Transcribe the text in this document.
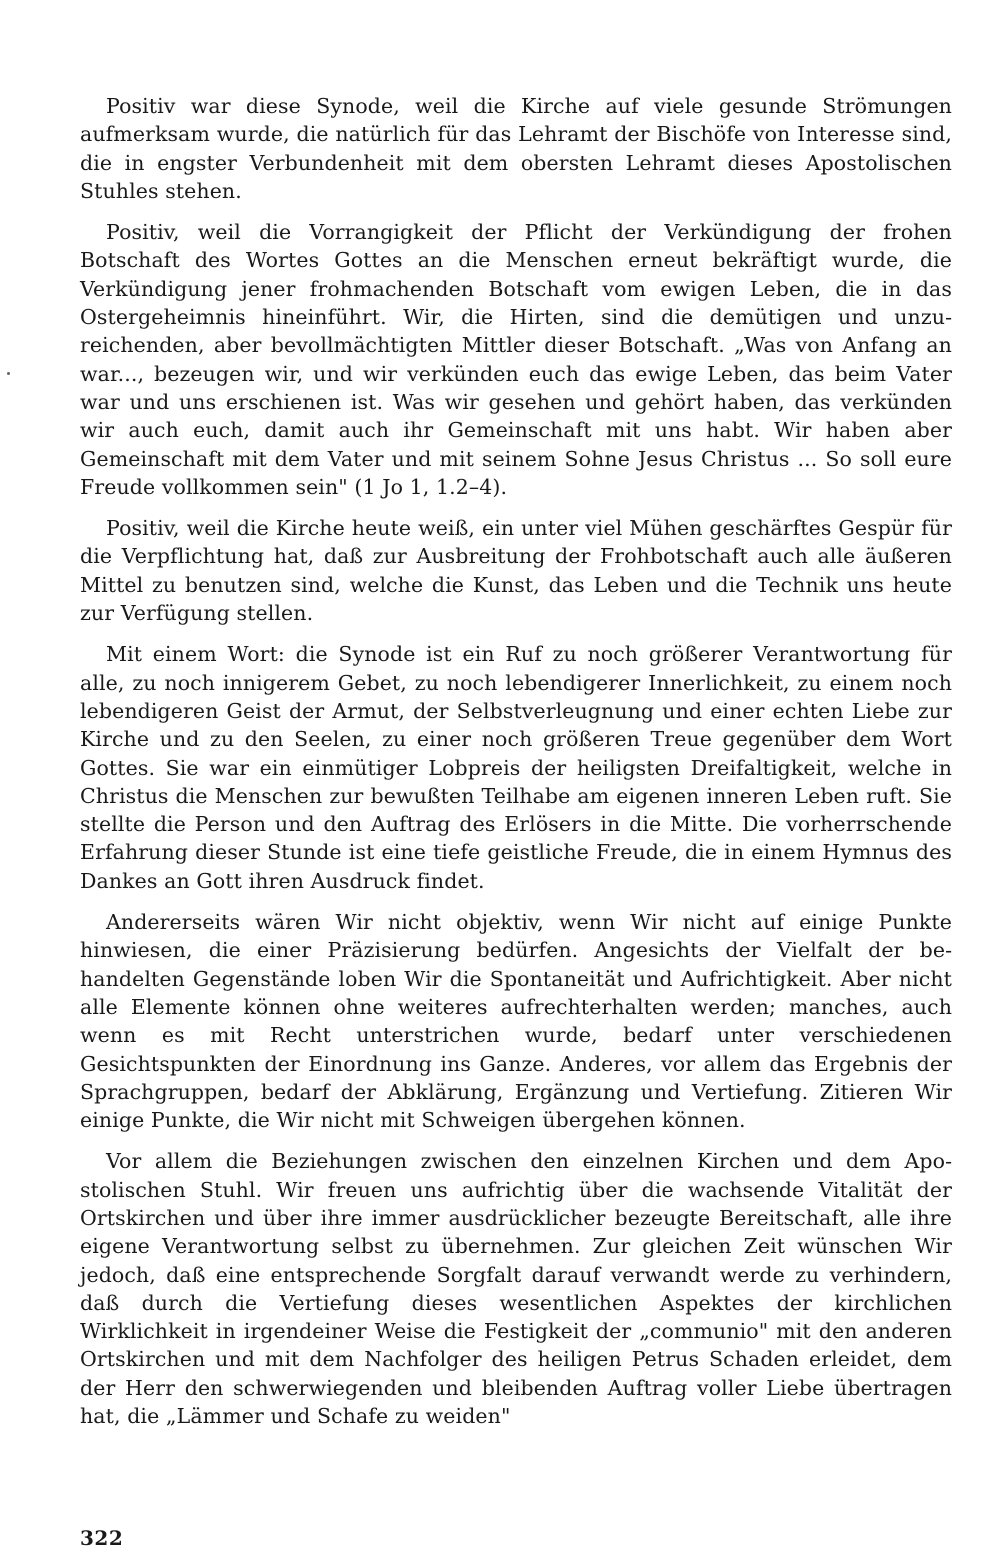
Positiv war diese Synode, weil die Kirche auf viele gesunde Strömungen aufmerksam wurde, die natürlich für das Lehramt der Bischöfe von Interesse sind, die in engster Verbundenheit mit dem obersten Lehramt dieses Apostolischen Stuhles stehen.

Positiv, weil die Vorrangigkeit der Pflicht der Verkündigung der frohen Botschaft des Wortes Gottes an die Menschen erneut bekräftigt wurde, die Verkündigung jener frohmachenden Botschaft vom ewigen Leben, die in das Ostergeheimnis hineinführt. Wir, die Hirten, sind die demütigen und unzureichenden, aber bevollmächtigten Mittler dieser Botschaft. „Was von Anfang an war..., bezeugen wir, und wir verkünden euch das ewige Leben, das beim Vater war und uns erschienen ist. Was wir gesehen und gehört haben, das verkünden wir auch euch, damit auch ihr Gemeinschaft mit uns habt. Wir haben aber Gemeinschaft mit dem Vater und mit seinem Sohne Jesus Christus ... So soll eure Freude vollkommen sein" (1 Jo 1, 1.2–4).

Positiv, weil die Kirche heute weiß, ein unter viel Mühen geschärftes Gespür für die Verpflichtung hat, daß zur Ausbreitung der Frohbotschaft auch alle äußeren Mittel zu benutzen sind, welche die Kunst, das Leben und die Technik uns heute zur Verfügung stellen.

Mit einem Wort: die Synode ist ein Ruf zu noch größerer Verantwortung für alle, zu noch innigerem Gebet, zu noch lebendigerer Innerlichkeit, zu einem noch lebendigeren Geist der Armut, der Selbstverleugnung und einer echten Liebe zur Kirche und zu den Seelen, zu einer noch größeren Treue gegenüber dem Wort Gottes. Sie war ein einmütiger Lobpreis der heiligsten Dreifaltigkeit, welche in Christus die Menschen zur bewußten Teilhabe am eigenen inneren Leben ruft. Sie stellte die Person und den Auftrag des Erlösers in die Mitte. Die vorherrschende Erfahrung dieser Stunde ist eine tiefe geistliche Freude, die in einem Hymnus des Dankes an Gott ihren Ausdruck findet.

Andererseits wären Wir nicht objektiv, wenn Wir nicht auf einige Punkte hinwiesen, die einer Präzisierung bedürfen. Angesichts der Vielfalt der behandelten Gegenstände loben Wir die Spontaneität und Aufrichtigkeit. Aber nicht alle Elemente können ohne weiteres aufrechterhalten werden; manches, auch wenn es mit Recht unterstrichen wurde, bedarf unter verschiedenen Gesichtspunkten der Einordnung ins Ganze. Anderes, vor allem das Ergebnis der Sprachgruppen, bedarf der Abklärung, Ergänzung und Vertiefung. Zitieren Wir einige Punkte, die Wir nicht mit Schweigen übergehen können.

Vor allem die Beziehungen zwischen den einzelnen Kirchen und dem Apostolischen Stuhl. Wir freuen uns aufrichtig über die wachsende Vitalität der Ortskirchen und über ihre immer ausdrücklicher bezeugte Bereitschaft, alle ihre eigene Verantwortung selbst zu übernehmen. Zur gleichen Zeit wünschen Wir jedoch, daß eine entsprechende Sorgfalt darauf verwandt werde zu verhindern, daß durch die Vertiefung dieses wesentlichen Aspektes der kirchlichen Wirklichkeit in irgendeiner Weise die Festigkeit der „communio" mit den anderen Ortskirchen und mit dem Nachfolger des heiligen Petrus Schaden erleidet, dem der Herr den schwerwiegenden und bleibenden Auftrag voller Liebe übertragen hat, die „Lämmer und Schafe zu weiden"

322
